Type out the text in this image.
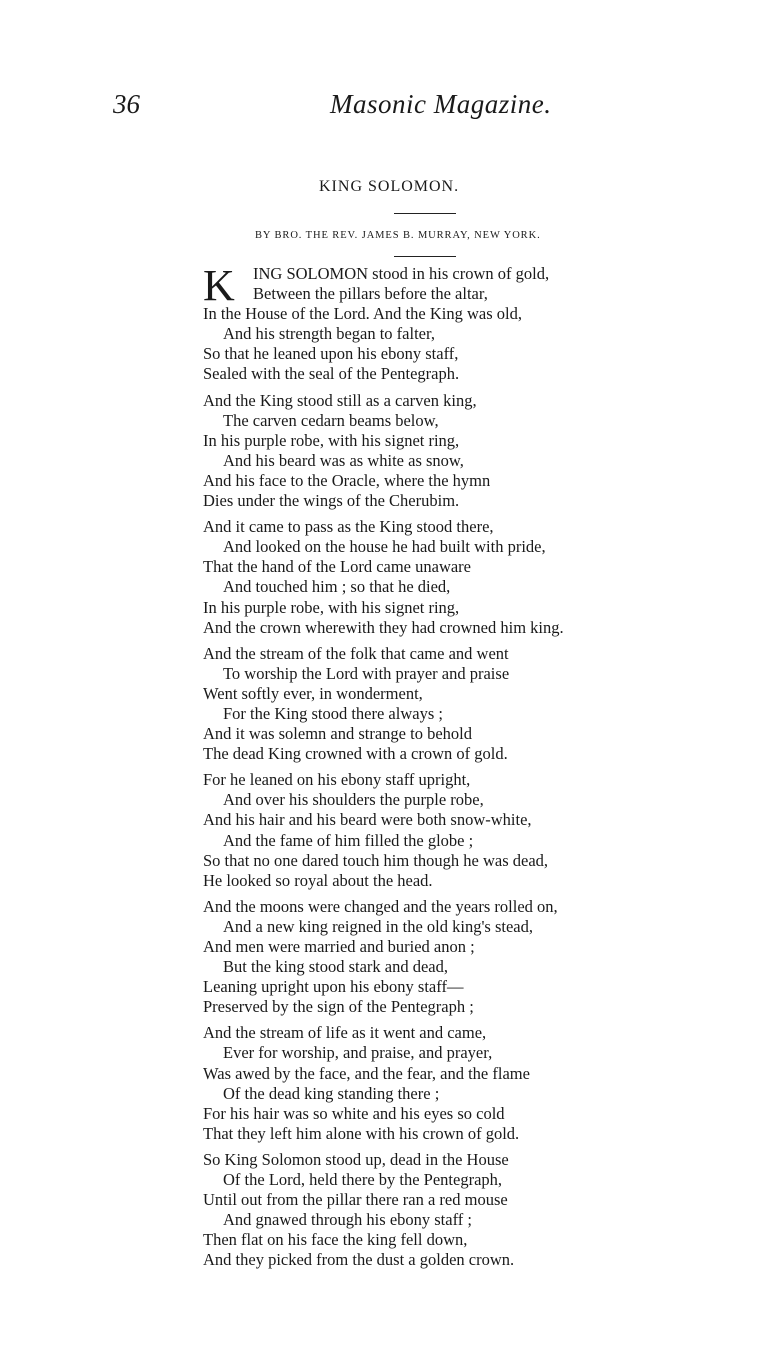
36	Masonic Magazine.
KING SOLOMON.
BY BRO. THE REV. JAMES B. MURRAY, NEW YORK.
K ING SOLOMON stood in his crown of gold,
Between the pillars before the altar,
In the House of the Lord. And the King was old,
And his strength began to falter,
So that he leaned upon his ebony staff,
Sealed with the seal of the Pentegraph.
And the King stood still as a carven king,
The carven cedarn beams below,
In his purple robe, with his signet ring,
And his beard was as white as snow,
And his face to the Oracle, where the hymn
Dies under the wings of the Cherubim.
And it came to pass as the King stood there,
And looked on the house he had built with pride,
That the hand of the Lord came unaware
And touched him ; so that he died,
In his purple robe, with his signet ring,
And the crown wherewith they had crowned him king.
And the stream of the folk that came and went
To worship the Lord with prayer and praise
Went softly ever, in wonderment,
For the King stood there always ;
And it was solemn and strange to behold
The dead King crowned with a crown of gold.
For he leaned on his ebony staff upright,
And over his shoulders the purple robe,
And his hair and his beard were both snow-white,
And the fame of him filled the globe ;
So that no one dared touch him though he was dead,
He looked so royal about the head.
And the moons were changed and the years rolled on,
And a new king reigned in the old king's stead,
And men were married and buried anon ;
But the king stood stark and dead,
Leaning upright upon his ebony staff—
Preserved by the sign of the Pentegraph ;
And the stream of life as it went and came,
Ever for worship, and praise, and prayer,
Was awed by the face, and the fear, and the flame
Of the dead king standing there ;
For his hair was so white and his eyes so cold
That they left him alone with his crown of gold.
So King Solomon stood up, dead in the House
Of the Lord, held there by the Pentegraph,
Until out from the pillar there ran a red mouse
And gnawed through his ebony staff ;
Then flat on his face the king fell down,
And they picked from the dust a golden crown.
